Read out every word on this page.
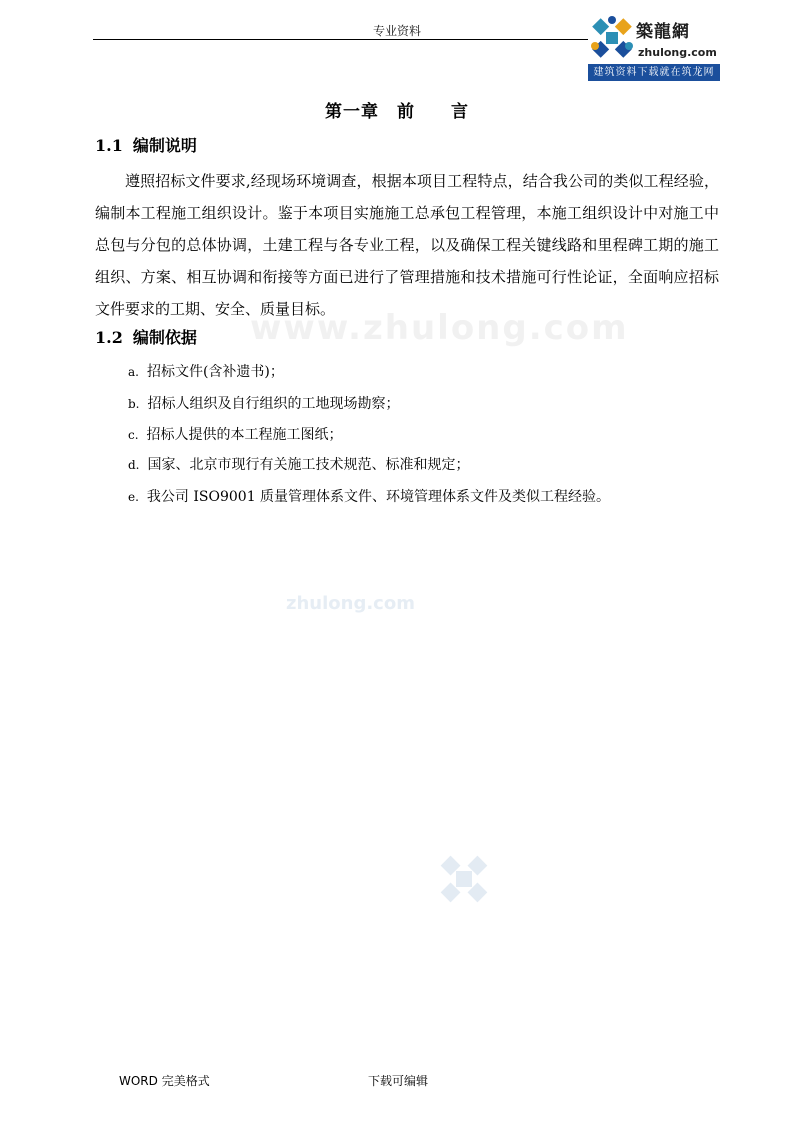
专业资料	築龍網
zhulong.com
建筑资料下载就在筑龙网
www.zhulong.com
zhulong.com
第一章　前　　言
1.1 编制说明

遵照招标文件要求,经现场环境调查，根据本项目工程特点，结合我公司的类似工程经验，编制本工程施工组织设计。鉴于本项目实施施工总承包工程管理，本施工组织设计中对施工中总包与分包的总体协调，土建工程与各专业工程，以及确保工程关键线路和里程碑工期的施工组织、方案、相互协调和衔接等方面已进行了管理措施和技术措施可行性论证，全面响应招标文件要求的工期、安全、质量目标。

1.2 编制依据
a. 招标文件(含补遗书)；
b. 招标人组织及自行组织的工地现场勘察；
c. 招标人提供的本工程施工图纸；
d. 国家、北京市现行有关施工技术规范、标准和规定；
e. 我公司 ISO9001 质量管理体系文件、环境管理体系文件及类似工程经验。
WORD 完美格式	下载可编辑
